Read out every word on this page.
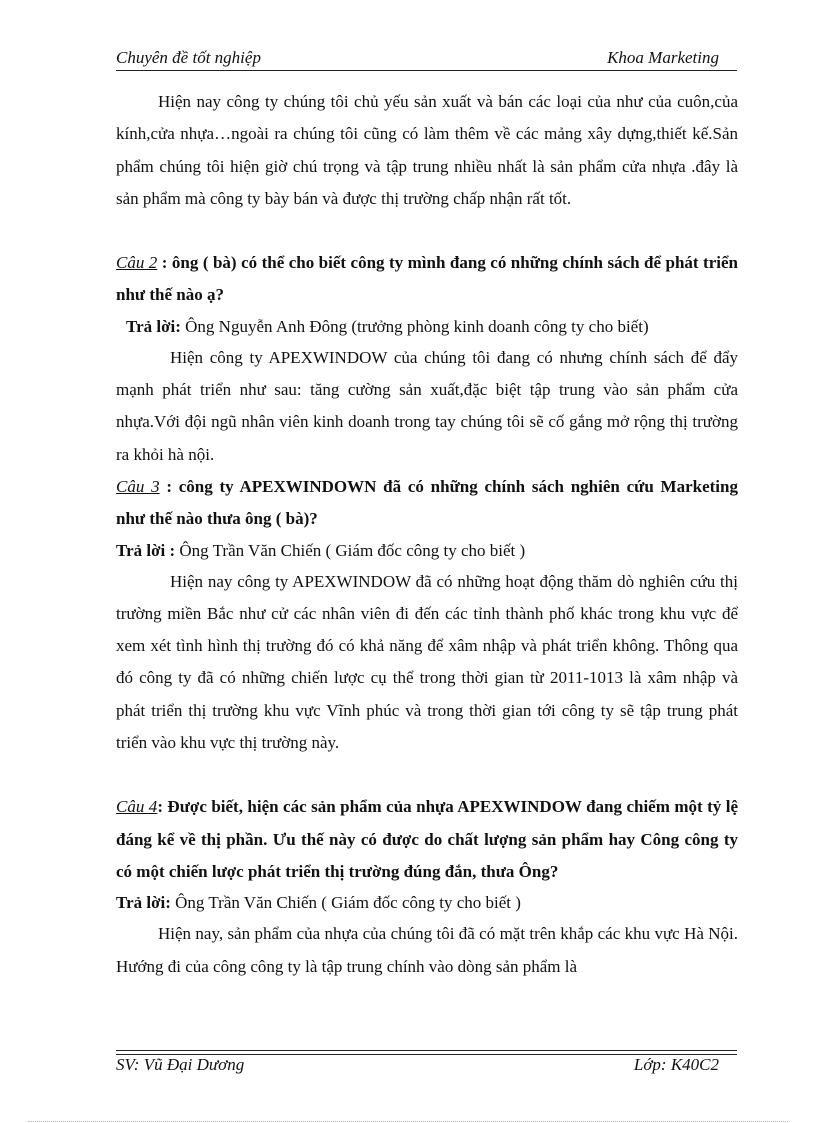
Chuyên đề tốt nghiệp	Khoa Marketing

Hiện nay công ty chúng tôi chủ yếu sản xuất và bán các loại của như của cuôn,của kính,cửa nhựa…ngoài ra chúng tôi cũng có làm thêm về các mảng xây dựng,thiết kế.Sản phẩm chúng tôi hiện giờ chú trọng và tập trung nhiều nhất là sản phẩm cửa nhựa .đây là sản phẩm mà công ty bày bán và được thị trường chấp nhận rất tốt.

Câu 2 : ông ( bà) có thể cho biết công ty mình đang có những chính sách để phát triển như thế nào ạ?

Trả lời: Ông Nguyễn Anh Đông (trưởng phòng kinh doanh công ty cho biết)

Hiện công ty APEXWINDOW của chúng tôi đang có nhưng chính sách để đẩy mạnh phát triển như sau: tăng cường sản xuất,đặc biệt tập trung vào sản phẩm cửa nhựa.Với đội ngũ nhân viên kinh doanh trong tay chúng tôi sẽ cố gắng mở rộng thị trường ra khỏi hà nội.

Câu 3 : công ty APEXWINDOWN đã có những chính sách nghiên cứu Marketing như thế nào thưa ông ( bà)?

Trả lời : Ông Trần Văn Chiến ( Giám đốc công ty cho biết )

Hiện nay công ty APEXWINDOW đã có những hoạt động thăm dò nghiên cứu thị trường miền Bắc như cử các nhân viên đi đến các tỉnh thành phố khác trong khu vực để xem xét tình hình thị trường đó có khả năng để xâm nhập và phát triển không. Thông qua đó công ty đã có những chiến lược cụ thể trong thời gian từ 2011-1013 là xâm nhập và phát triển thị trường khu vực Vĩnh phúc và trong thời gian tới công ty sẽ tập trung phát triển vào khu vực thị trường này.

Câu 4: Được biết, hiện các sản phẩm của nhựa APEXWINDOW đang chiếm một tỷ lệ đáng kể về thị phần. Ưu thế này có được do chất lượng sản phẩm hay Công công ty có một chiến lược phát triển thị trường đúng đắn, thưa Ông?

Trả lời: Ông Trần Văn Chiến ( Giám đốc công ty cho biết )

Hiện nay, sản phẩm của nhựa của chúng tôi đã có mặt trên khắp các khu vực Hà Nội. Hướng đi của công công ty là tập trung chính vào dòng sản phẩm là

SV: Vũ Đại Dương	Lớp: K40C2
